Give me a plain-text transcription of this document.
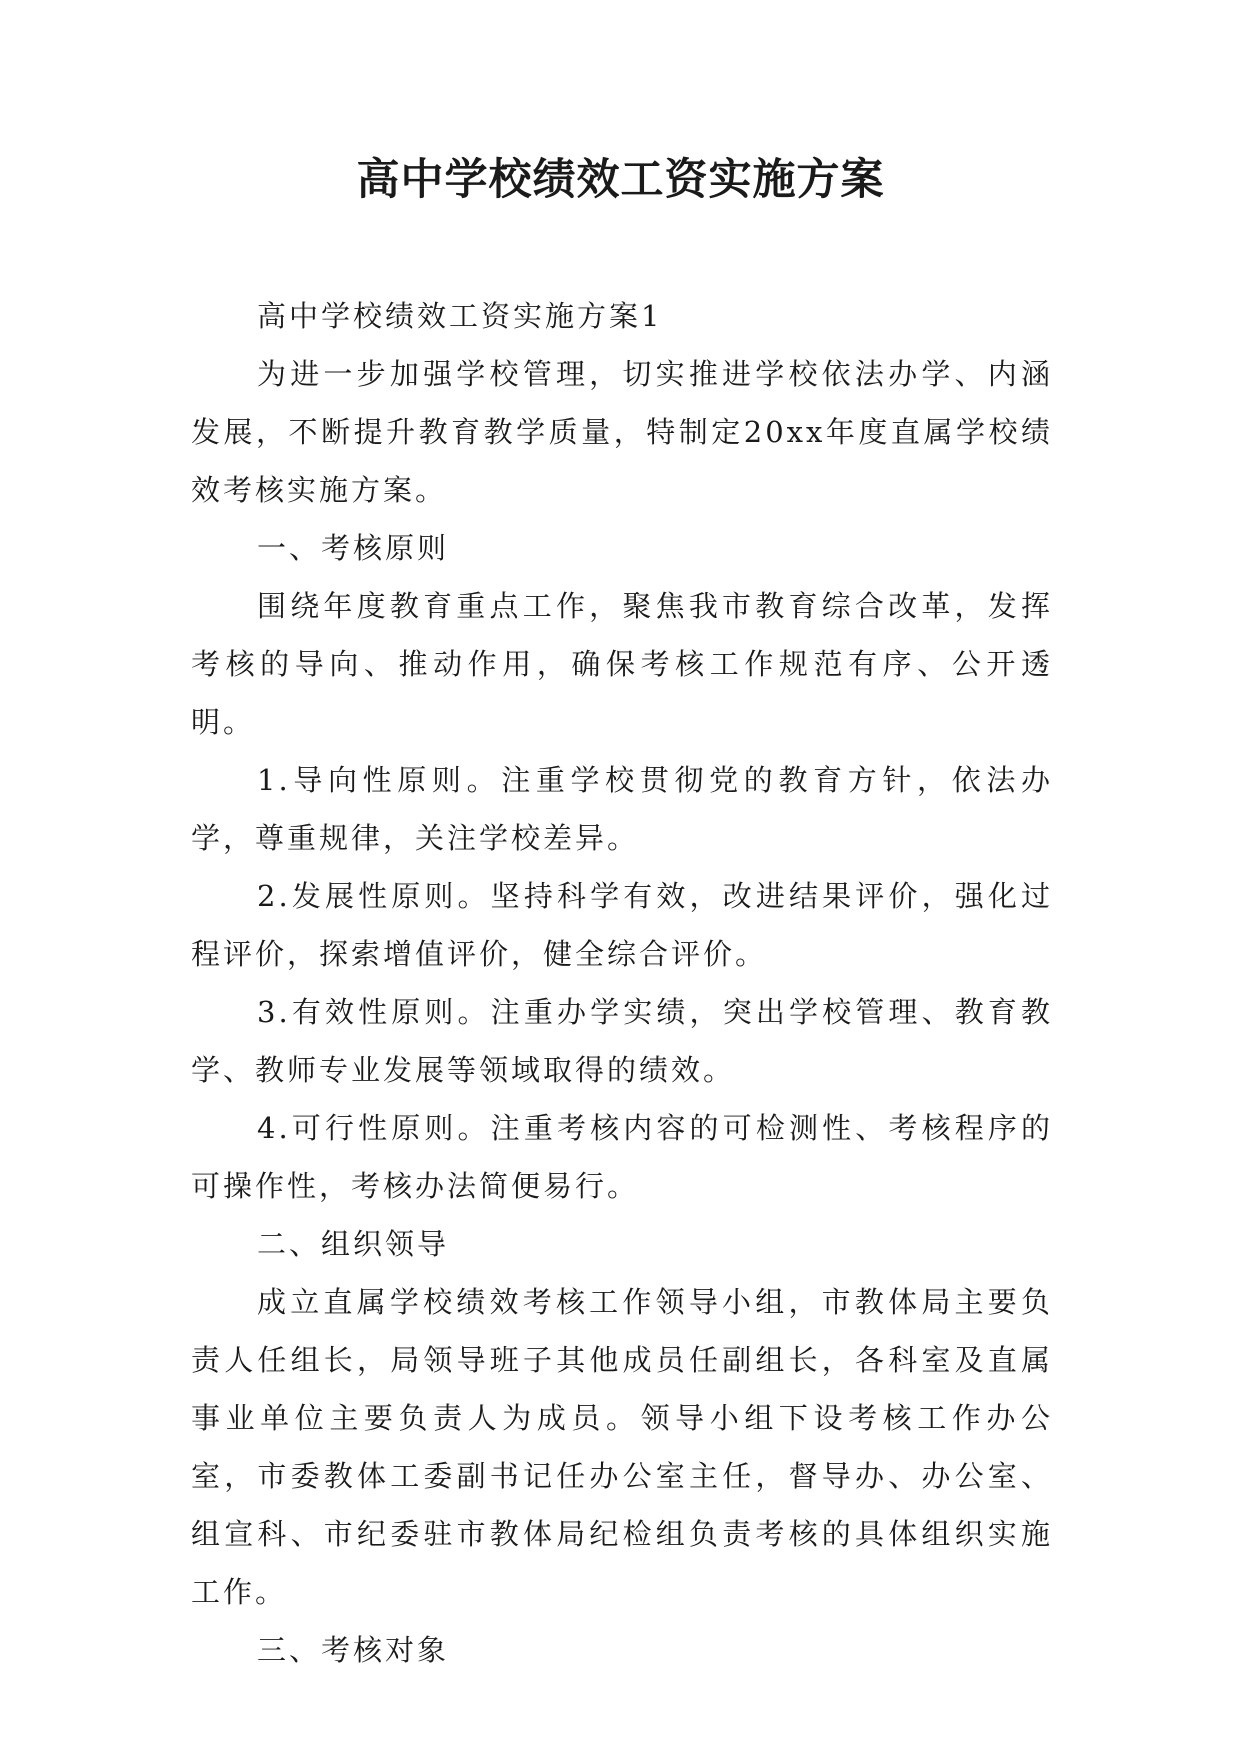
高中学校绩效工资实施方案

高中学校绩效工资实施方案1

为进一步加强学校管理，切实推进学校依法办学、内涵发展，不断提升教育教学质量，特制定20xx年度直属学校绩效考核实施方案。

一、考核原则

围绕年度教育重点工作，聚焦我市教育综合改革，发挥考核的导向、推动作用，确保考核工作规范有序、公开透明。

1.导向性原则。注重学校贯彻党的教育方针，依法办学，尊重规律，关注学校差异。

2.发展性原则。坚持科学有效，改进结果评价，强化过程评价，探索增值评价，健全综合评价。

3.有效性原则。注重办学实绩，突出学校管理、教育教学、教师专业发展等领域取得的绩效。

4.可行性原则。注重考核内容的可检测性、考核程序的可操作性，考核办法简便易行。

二、组织领导

成立直属学校绩效考核工作领导小组，市教体局主要负责人任组长，局领导班子其他成员任副组长，各科室及直属事业单位主要负责人为成员。领导小组下设考核工作办公室，市委教体工委副书记任办公室主任，督导办、办公室、组宣科、市纪委驻市教体局纪检组负责考核的具体组织实施工作。

三、考核对象
